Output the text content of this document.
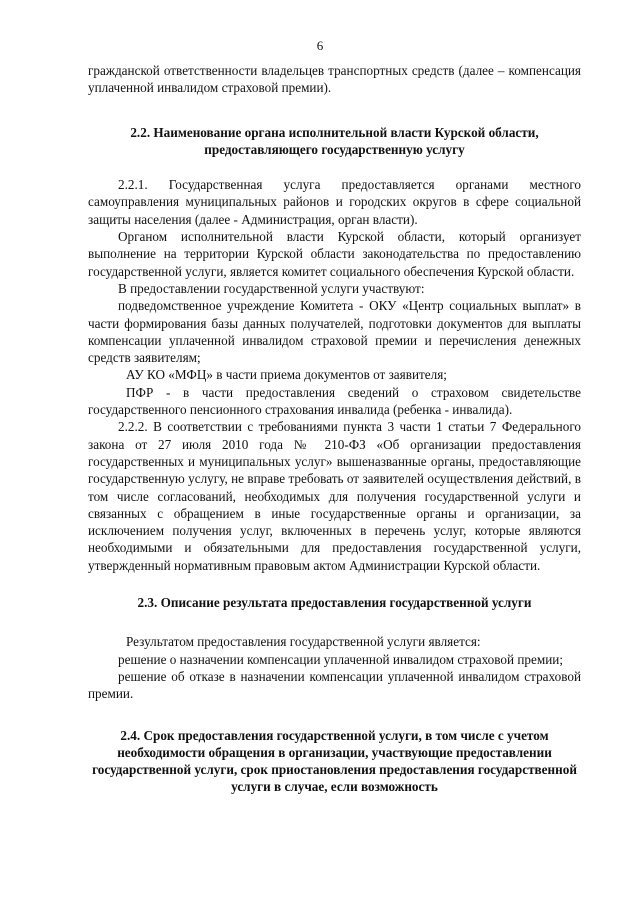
6

гражданской ответственности владельцев транспортных средств (далее – компенсация уплаченной инвалидом страховой премии).

2.2. Наименование органа исполнительной власти Курской области, предоставляющего государственную услугу

2.2.1. Государственная услуга предоставляется органами местного самоуправления муниципальных районов и городских округов в сфере социальной защиты населения (далее - Администрация, орган власти).

Органом исполнительной власти Курской области, который организует выполнение на территории Курской области законодательства по предоставлению государственной услуги, является комитет социального обеспечения Курской области.

В предоставлении государственной услуги участвуют:

подведомственное учреждение Комитета - ОКУ «Центр социальных выплат» в части формирования базы данных получателей, подготовки документов для выплаты компенсации уплаченной инвалидом страховой премии и перечисления денежных средств заявителям;

АУ КО «МФЦ» в части приема документов от заявителя;

ПФР - в части предоставления сведений о страховом свидетельстве государственного пенсионного страхования инвалида (ребенка - инвалида).

2.2.2. В соответствии с требованиями пункта 3 части 1 статьи 7 Федерального закона от 27 июля 2010 года № 210-ФЗ «Об организации предоставления государственных и муниципальных услуг» вышеназванные органы, предоставляющие государственную услугу, не вправе требовать от заявителей осуществления действий, в том числе согласований, необходимых для получения государственной услуги и связанных с обращением в иные государственные органы и организации, за исключением получения услуг, включенных в перечень услуг, которые являются необходимыми и обязательными для предоставления государственной услуги, утвержденный нормативным правовым актом Администрации Курской области.

2.3. Описание результата предоставления государственной услуги

Результатом предоставления государственной услуги является:

решение о назначении компенсации уплаченной инвалидом страховой премии;

решение об отказе в назначении компенсации уплаченной инвалидом страховой премии.

2.4. Срок предоставления государственной услуги, в том числе с учетом необходимости обращения в организации, участвующие предоставлении государственной услуги, срок приостановления предоставления государственной услуги в случае, если возможность
